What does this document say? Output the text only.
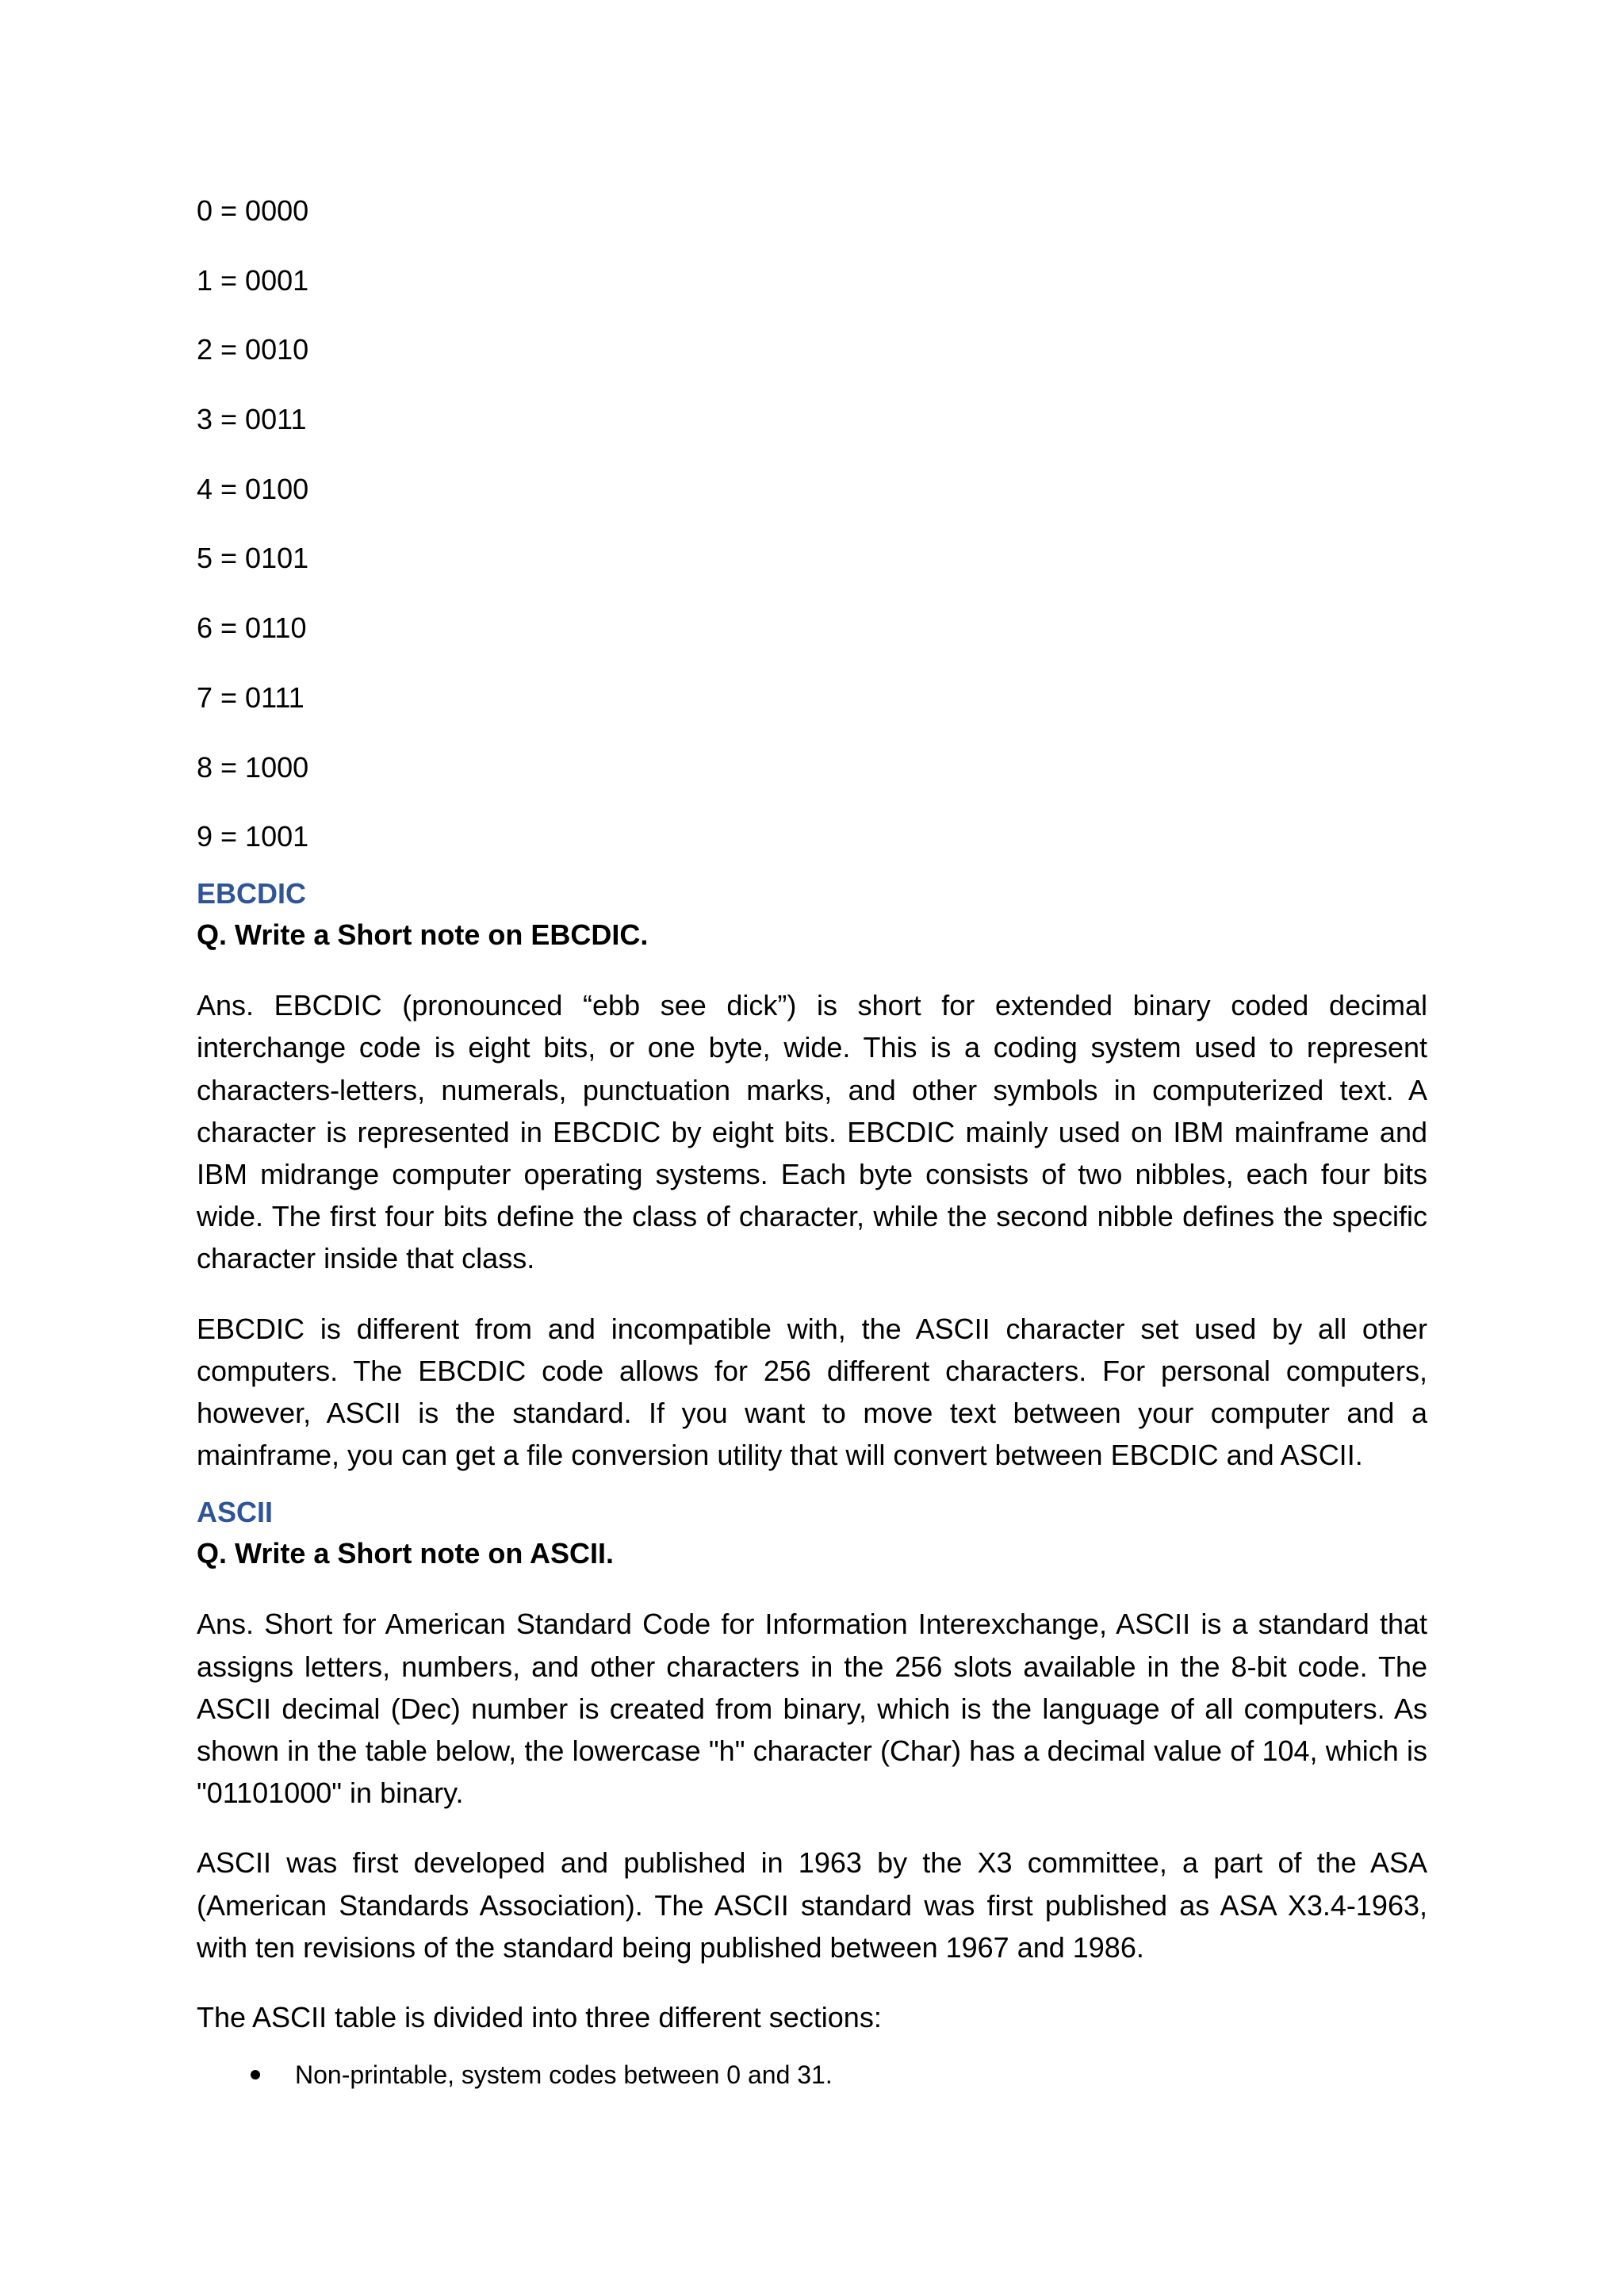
0 = 0000
1 = 0001
2 = 0010
3 = 0011
4 = 0100
5 = 0101
6 = 0110
7 = 0111
8 = 1000
9 = 1001
EBCDIC

Q. Write a Short note on EBCDIC.

Ans. EBCDIC (pronounced “ebb see dick”) is short for extended binary coded decimal interchange code is eight bits, or one byte, wide. This is a coding system used to represent characters-letters, numerals, punctuation marks, and other symbols in computerized text. A character is represented in EBCDIC by eight bits. EBCDIC mainly used on IBM mainframe and IBM midrange computer operating systems. Each byte consists of two nibbles, each four bits wide. The first four bits define the class of character, while the second nibble defines the specific character inside that class.

EBCDIC is different from and incompatible with, the ASCII character set used by all other computers. The EBCDIC code allows for 256 different characters. For personal computers, however, ASCII is the standard. If you want to move text between your computer and a mainframe, you can get a file conversion utility that will convert between EBCDIC and ASCII.

ASCII

Q. Write a Short note on ASCII.

Ans. Short for American Standard Code for Information Interexchange, ASCII is a standard that assigns letters, numbers, and other characters in the 256 slots available in the 8-bit code. The ASCII decimal (Dec) number is created from binary, which is the language of all computers. As shown in the table below, the lowercase "h" character (Char) has a decimal value of 104, which is "01101000" in binary.

ASCII was first developed and published in 1963 by the X3 committee, a part of the ASA (American Standards Association). The ASCII standard was first published as ASA X3.4-1963, with ten revisions of the standard being published between 1967 and 1986.

The ASCII table is divided into three different sections:

Non-printable, system codes between 0 and 31.
